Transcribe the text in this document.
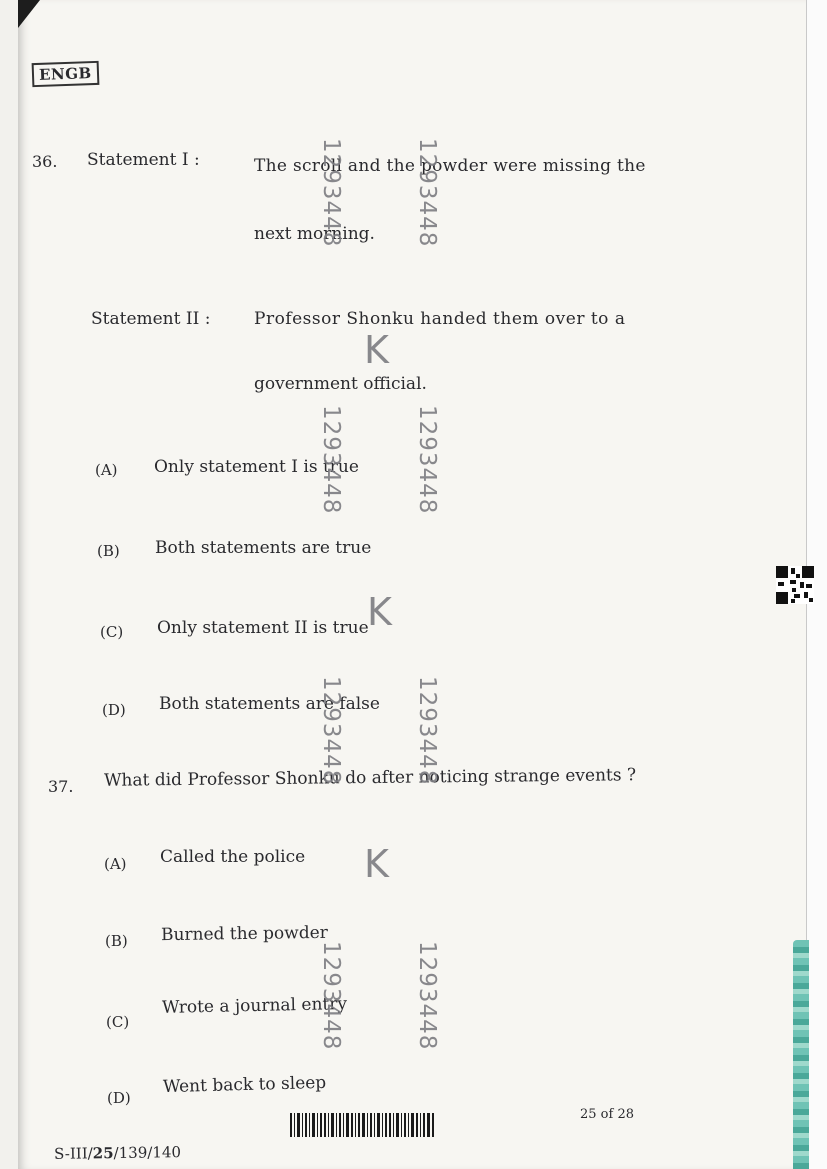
ENGB
36. Statement I :	The scroll and the powder were missing the
next morning.
Statement II :	Professor Shonku handed them over to a
government official.
(A) Only statement I is true
(B) Both statements are true
(C) Only statement II is true
(D) Both statements are false
37. What did Professor Shonku do after noticing strange events ?
(A) Called the police
(B) Burned the powder
(C)
Wrote a journal entry
(D)
Went back to sleep
1293448	1293448
K
1293448	1293448
K
1293448	1293448
K
1293448	1293448
25 of 28
S-III/25/139/140
